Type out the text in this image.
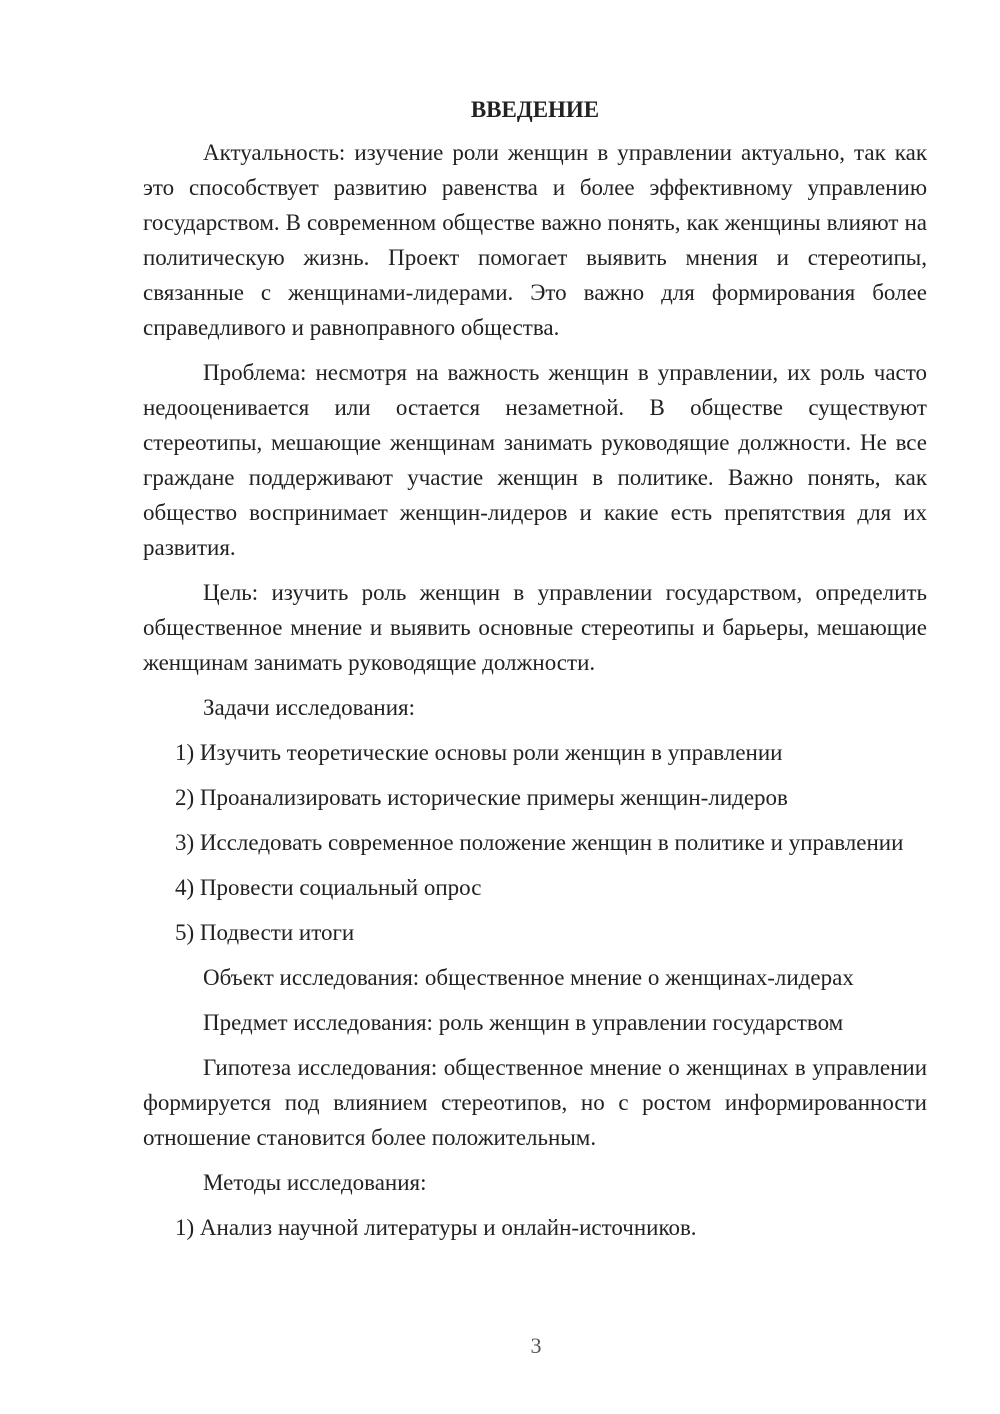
ВВЕДЕНИЕ

Актуальность: изучение роли женщин в управлении актуально, так как это способствует развитию равенства и более эффективному управлению государством. В современном обществе важно понять, как женщины влияют на политическую жизнь. Проект помогает выявить мнения и стереотипы, связанные с женщинами-лидерами. Это важно для формирования более справедливого и равноправного общества.

Проблема: несмотря на важность женщин в управлении, их роль часто недооценивается или остается незаметной. В обществе существуют стереотипы, мешающие женщинам занимать руководящие должности. Не все граждане поддерживают участие женщин в политике. Важно понять, как общество воспринимает женщин-лидеров и какие есть препятствия для их развития.

Цель: изучить роль женщин в управлении государством, определить общественное мнение и выявить основные стереотипы и барьеры, мешающие женщинам занимать руководящие должности.

Задачи исследования:

1) Изучить теоретические основы роли женщин в управлении

2) Проанализировать исторические примеры женщин-лидеров

3) Исследовать современное положение женщин в политике и управлении

4) Провести социальный опрос

5) Подвести итоги

Объект исследования: общественное мнение о женщинах-лидерах

Предмет исследования: роль женщин в управлении государством

Гипотеза исследования: общественное мнение о женщинах в управлении формируется под влиянием стереотипов, но с ростом информированности отношение становится более положительным.

Методы исследования:

1) Анализ научной литературы и онлайн-источников.

3
